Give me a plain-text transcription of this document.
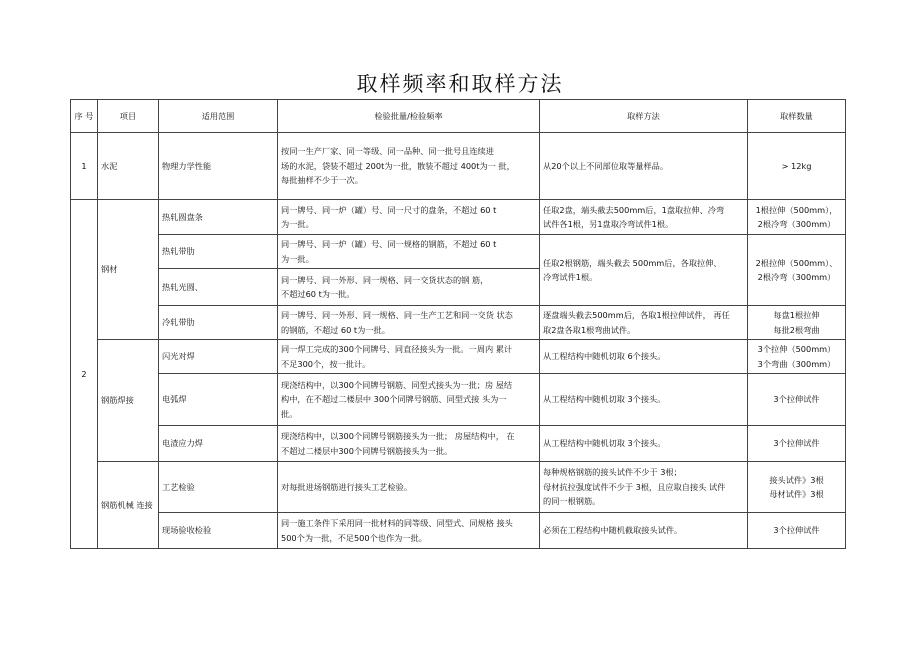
取样频率和取样方法
序 号	项目	适用范围	检验批量/检验频率	取样方法	取样数量
1	水泥	物理力学性能	按同一生产厂家、同一等级、同一品种、同一批号且连续进
场的水泥，袋装不超过 200t为一批，散装不超过 400t为一 批，
每批抽样不少于一次。	从20个以上不同部位取等量样品。	> 12kg
2	钢材	热轧圆盘条	同一牌号、同一炉（罐）号、同一尺寸的盘条，不超过 60 t
为一批。	任取2盘，端头截去500mm后，1盘取拉伸、冷弯
试件各1根，另1盘取冷弯试件1根。	1根拉伸（500mm），
2根冷弯（300mm）

		热轧带肋	同一牌号、同一炉（罐）号、同一规格的钢筋，不超过 60 t
为一批。	任取2根钢筋，端头截去 500mm后，各取拉伸、
冷弯试件1根。	2根拉伸（500mm）、
2根冷弯（300mm）

		热轧光圆、	同一牌号、同一外形、同一规格、同一交货状态的钢 筋，
不超过60 t为一批。		

		冷轧带肋	同一牌号、同一外形、同一规格、同一生产工艺和同一交货 状态
的钢筋，不超过 60 t为一批。	逐盘端头截去500mm后，各取1根拉伸试件， 再任
取2盘各取1根弯曲试件。	每盘1根拉伸
每批2根弯曲

	钢筋焊接	闪光对焊	同一焊工完成的300个同牌号、同直径接头为一批。一周内 累计
不足300个，按一批计。	从工程结构中随机切取 6个接头。	3个拉伸（500mm）
3个弯曲（300mm）

		电弧焊	现浇结构中，以300个同牌号钢筋、同型式接头为一批；房 屋结
构中，在不超过二楼层中 300个同牌号钢筋、同型式接 头为一
批。	从工程结构中随机切取 3个接头。	3个拉伸试件
		电渣应力焊	现浇结构中，以300个同牌号钢筋接头为一批； 房屋结构中， 在
不超过二楼层中300个同牌号钢筋接头为一批。	从工程结构中随机切取 3个接头。	3个拉伸试件
	钢筋机械 连接	工艺检验	对每批进场钢筋进行接头工艺检验。	每种规格钢筋的接头试件不少于 3根；
母材抗拉强度试件不少于 3根，且应取自接头 试件
的同一根钢筋。	接头试件》3根
母材试件》3根

		现场验收检验	同一施工条件下采用同一批材料的同等级、同型式、同规格 接头
500个为一批，不足500个也作为一批。	必须在工程结构中随机截取接头试件。	3个拉伸试件
